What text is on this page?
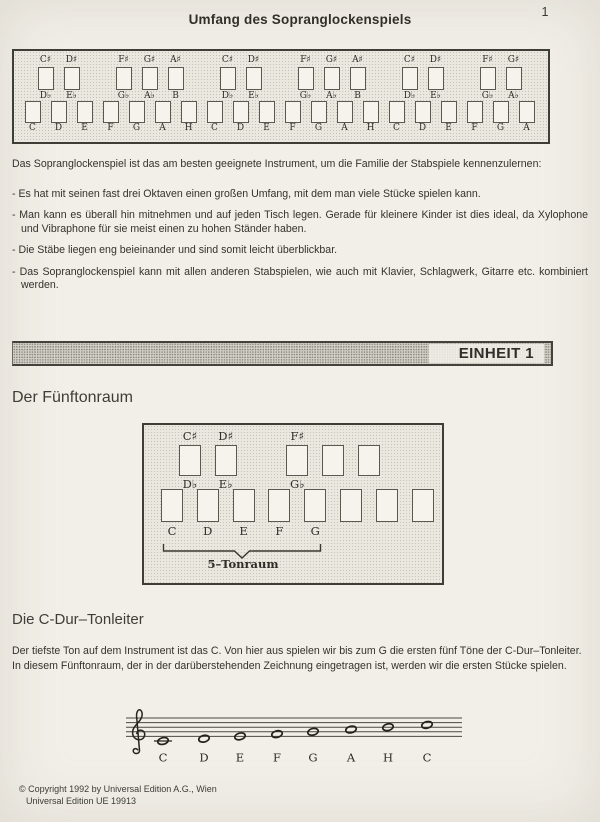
1
Umfang des Sopranglockenspiels
C	D	E	F	G	A	H	C	D	E	F	G	A	H	C	D	E	F	G	A
C♯
D♭
D♯
E♭
F♯
G♭
G♯
A♭
A♯
B
C♯
D♭
D♯
E♭
F♯
G♭
G♯
A♭
A♯
B
C♯
D♭
D♯
E♭
F♯
G♭
G♯
A♭

Das Sopranglockenspiel ist das am besten geeignete Instrument, um die Familie der Stabspiele kennenzulernen:

- Es hat mit seinen fast drei Oktaven einen großen Umfang, mit dem man viele Stücke spielen kann.

- Man kann es überall hin mitnehmen und auf jeden Tisch legen. Gerade für kleinere Kinder ist dies ideal, da Xylophone und Vibraphone für sie meist einen zu hohen Ständer haben.

- Die Stäbe liegen eng beieinander und sind somit leicht überblickbar.

- Das Sopranglockenspiel kann mit allen anderen Stabspielen, wie auch mit Klavier, Schlagwerk, Gitarre etc. kombiniert werden.

EINHEIT 1
Der Fünftonraum
C	D	E	F	G
C♯
D♭
D♯
E♭
F♯
G♭
5–Tonraum
Die C-Dur–Tonleiter

Der tiefste Ton auf dem Instrument ist das C. Von hier aus spielen wir bis zum G die ersten fünf Töne der C-Dur–Tonleiter.

In diesem Fünftonraum, der in der darüberstehenden Zeichnung eingetragen ist, werden wir die ersten Stücke spielen.

C	D E	F G	A H	C
© Copyright 1992 by Universal Edition A.G., Wien
Universal Edition UE 19913
